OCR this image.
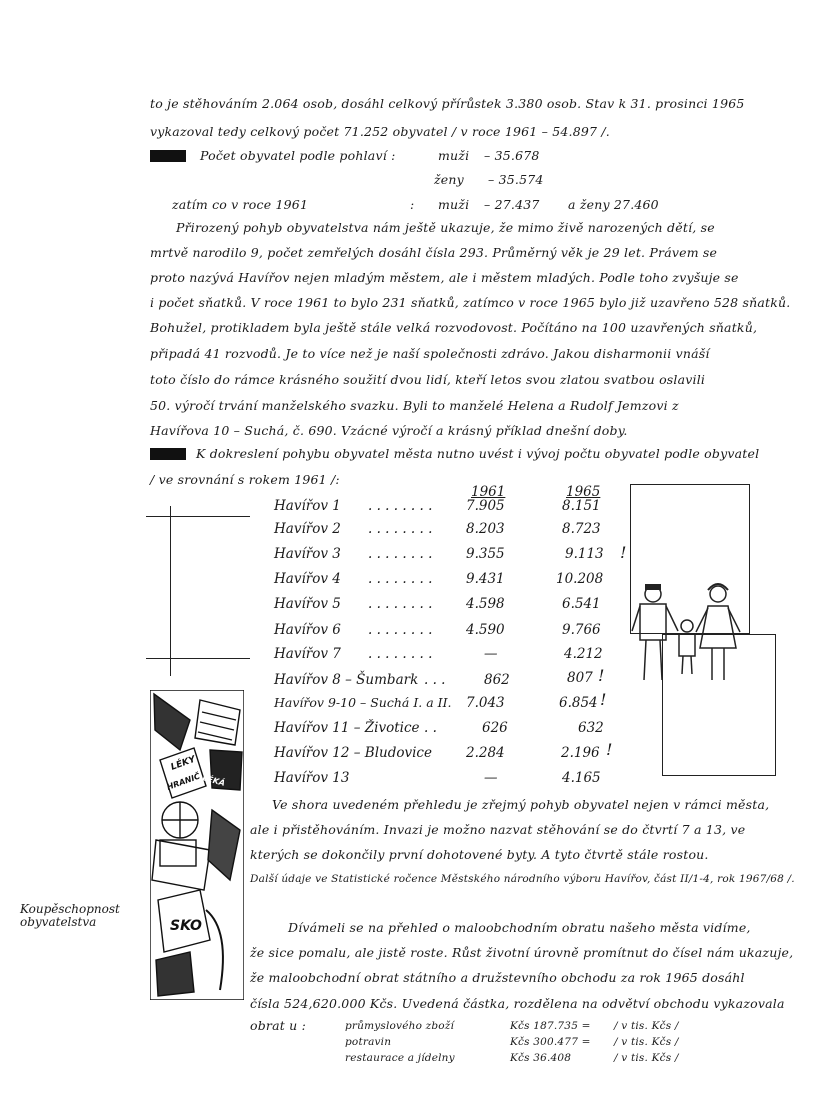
to je stěhováním 2.064 osob, dosáhl celkový přírůstek 3.380 osob. Stav k 31. prosinci 1965
vykazoval tedy celkový počet 71.252 obyvatel / v roce 1961 – 54.897 /.
Počet obyvatel podle pohlaví :	muži – 35.678
ženy – 35.574
zatím co v roce 1961	: muži – 27.437 a ženy 27.460
Přirozený pohyb obyvatelstva nám ještě ukazuje, že mimo živě narozených dětí, se
mrtvě narodilo 9, počet zemřelých dosáhl čísla 293. Průměrný věk je 29 let. Právem se
proto nazývá Havířov nejen mladým městem, ale i městem mladých. Podle toho zvyšuje se
i počet sňatků. V roce 1961 to bylo 231 sňatků, zatímco v roce 1965 bylo již uzavřeno 528 sňatků.
Bohužel, protikladem byla ještě stále velká rozvodovost. Počítáno na 100 uzavřených sňatků,
připadá 41 rozvodů. Je to více než je naší společnosti zdrávo. Jakou disharmonii vnáší
toto číslo do rámce krásného soužití dvou lidí, kteří letos svou zlatou svatbou oslavili
50. výročí trvání manželského svazku. Byli to manželé Helena a Rudolf Jemzovi z
Havířova 10 – Suchá, č. 690. Vzácné výročí a krásný příklad dnešní doby.
K dokreslení pohybu obyvatel města nutno uvést i vývoj počtu obyvatel podle obyvatel
/ ve srovnání s rokem 1961 /:
1961	1965
Havířov 1 . . . . . . . . 7.905	8.151
Havířov 2 . . . . . . . . 8.203	8.723
Havířov 3 . . . . . . . . 9.355	9.113 !
Havířov 4 . . . . . . . . 9.431	10.208
Havířov 5 . . . . . . . . 4.598	6.541
Havířov 6 . . . . . . . . 4.590	9.766
Havířov 7 . . . . . . . .	—	4.212
Havířov 8 – Šumbark . . .	862	807 !
Havířov 9-10 – Suchá I. a II. 7.043	6.854 !
Havířov 11 – Životice . .	626	632
Havířov 12 – Bludovice	2.284	2.196 !
Havířov 13	—	4.165
LÉKY
HRANIČ LÉKÁ
SKO
Ve shora uvedeném přehledu je zřejmý pohyb obyvatel nejen v rámci města,
ale i přistěhováním. Invazi je možno nazvat stěhování se do čtvrtí 7 a 13, ve
kterých se dokončily první dohotovené byty. A tyto čtvrtě stále rostou.
Další údaje ve Statistické ročence Městského národního výboru Havířov, část II/1-4, rok 1967/68 /.
Koupěschopnost
obyvatelstva	Dívámeli se na přehled o maloobchodním obratu našeho města vidíme,
že sice pomalu, ale jistě roste. Růst životní úrovně promítnut do čísel nám ukazuje,
že maloobchodní obrat státního a družstevního obchodu za rok 1965 dosáhl
čísla 524,620.000 Kčs. Uvedená částka, rozdělena na odvětví obchodu vykazovala
obrat u :	průmyslového zboží	Kčs 187.735 = / v tis. Kčs /
potravin	Kčs 300.477 = / v tis. Kčs /
restaurace a jídelny	Kčs 36.408	/ v tis. Kčs /
